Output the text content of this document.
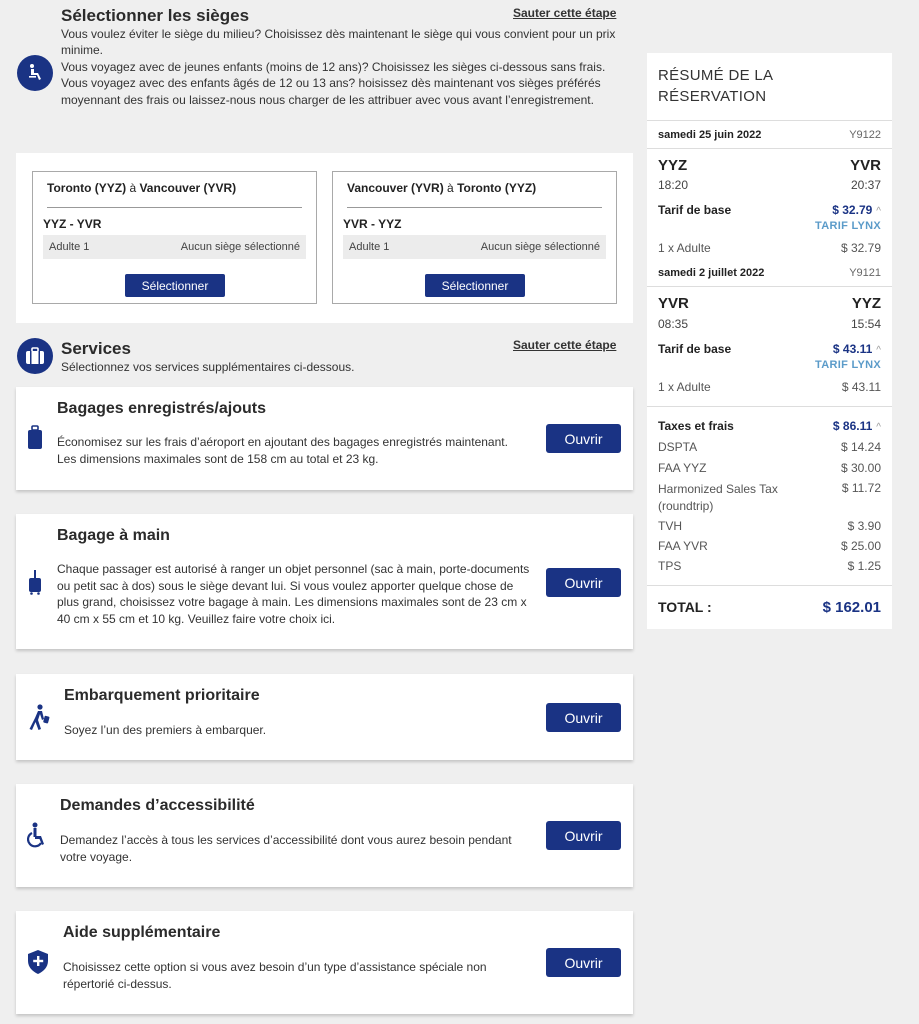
Sélectionner les sièges	Sauter cette étape

Vous voulez éviter le siège du milieu? Choisissez dès maintenant le siège qui vous convient pour un prix minime.

Vous voyagez avec de jeunes enfants (moins de 12 ans)? Choisissez les sièges ci-dessous sans frais.

Vous voyagez avec des enfants âgés de 12 ou 13 ans? hoisissez dès maintenant vos sièges préférés moyennant des frais ou laissez-nous nous charger de les attribuer avec vous avant l’enregistrement.

Toronto (YYZ) à Vancouver (YVR)
YYZ - YVR
Adulte 1	Aucun siège sélectionné
Sélectionner
Vancouver (YVR) à Toronto (YYZ)
YVR - YYZ
Adulte 1	Aucun siège sélectionné
Sélectionner
Services	Sauter cette étape
Sélectionnez vos services supplémentaires ci-dessous.
Bagages enregistrés/ajouts
Économisez sur les frais d’aéroport en ajoutant des bagages enregistrés maintenant. Les dimensions maximales sont de 158 cm au total et 23 kg.
Ouvrir
Bagage à main
Chaque passager est autorisé à ranger un objet personnel (sac à main, porte-documents ou petit sac à dos) sous le siège devant lui. Si vous voulez apporter quelque chose de plus grand, choisissez votre bagage à main. Les dimensions maximales sont de 23 cm x 40 cm x 55 cm et 10 kg. Veuillez faire votre choix ici.
Ouvrir
Embarquement prioritaire
Soyez l’un des premiers à embarquer.
Ouvrir
Demandes d’accessibilité
Demandez l’accès à tous les services d’accessibilité dont vous aurez besoin pendant votre voyage.
Ouvrir
Aide supplémentaire
Choisissez cette option si vous avez besoin d’un type d’assistance spéciale non répertorié ci-dessus.
Ouvrir
RÉSUMÉ DE LA
RÉSERVATION
samedi 25 juin 2022	Y9122
YYZ	YVR
18:20	20:37
Tarif de base	$ 32.79 ^
TARIF LYNX
1 x Adulte	$ 32.79
samedi 2 juillet 2022	Y9121
YVR	YYZ
08:35	15:54
Tarif de base	$ 43.11 ^
TARIF LYNX
1 x Adulte	$ 43.11
Taxes et frais	$ 86.11 ^
DSPTA	$ 14.24
FAA YYZ	$ 30.00
Harmonized Sales Tax (roundtrip)
$ 11.72
TVH	$ 3.90
FAA YVR	$ 25.00
TPS	$ 1.25
TOTAL :	$ 162.01
